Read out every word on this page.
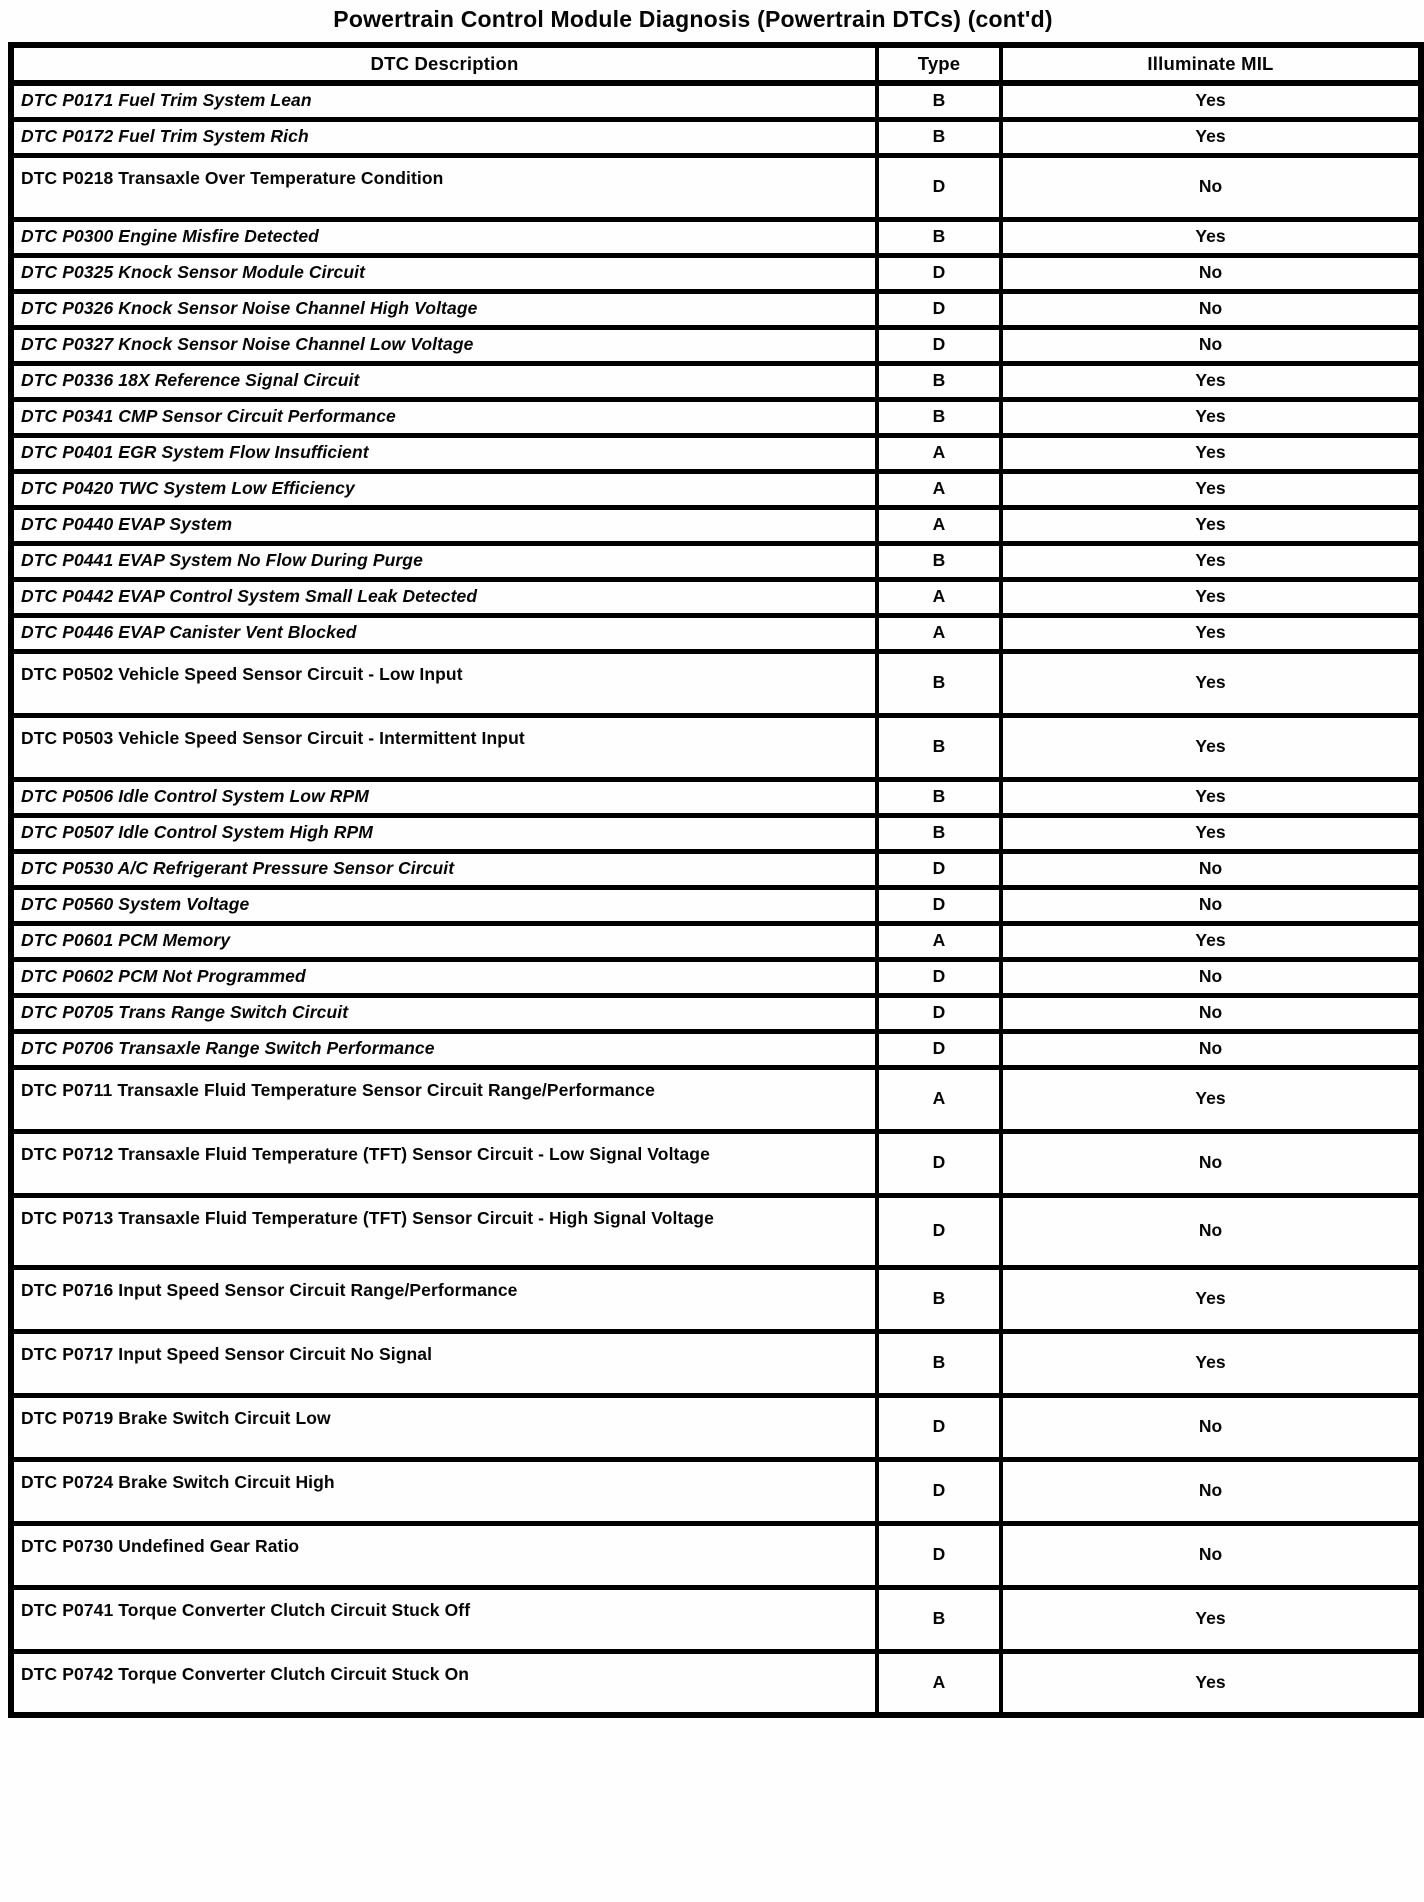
Powertrain Control Module Diagnosis (Powertrain DTCs) (cont'd)
DTC Description	Type	Illuminate MIL
DTC P0171 Fuel Trim System Lean	B	Yes
DTC P0172 Fuel Trim System Rich	B	Yes
DTC P0218 Transaxle Over Temperature Condition	D	No
DTC P0300 Engine Misfire Detected	B	Yes
DTC P0325 Knock Sensor Module Circuit	D	No
DTC P0326 Knock Sensor Noise Channel High Voltage	D	No
DTC P0327 Knock Sensor Noise Channel Low Voltage	D	No
DTC P0336 18X Reference Signal Circuit	B	Yes
DTC P0341 CMP Sensor Circuit Performance	B	Yes
DTC P0401 EGR System Flow Insufficient	A	Yes
DTC P0420 TWC System Low Efficiency	A	Yes
DTC P0440 EVAP System	A	Yes
DTC P0441 EVAP System No Flow During Purge	B	Yes
DTC P0442 EVAP Control System Small Leak Detected	A	Yes
DTC P0446 EVAP Canister Vent Blocked	A	Yes
DTC P0502 Vehicle Speed Sensor Circuit - Low Input	B	Yes
DTC P0503 Vehicle Speed Sensor Circuit - Intermittent Input	B	Yes
DTC P0506 Idle Control System Low RPM	B	Yes
DTC P0507 Idle Control System High RPM	B	Yes
DTC P0530 A/C Refrigerant Pressure Sensor Circuit	D	No
DTC P0560 System Voltage	D	No
DTC P0601 PCM Memory	A	Yes
DTC P0602 PCM Not Programmed	D	No
DTC P0705 Trans Range Switch Circuit	D	No
DTC P0706 Transaxle Range Switch Performance	D	No
DTC P0711 Transaxle Fluid Temperature Sensor Circuit Range/Performance	A	Yes
DTC P0712 Transaxle Fluid Temperature (TFT) Sensor Circuit - Low Signal Voltage	D	No
DTC P0713 Transaxle Fluid Temperature (TFT) Sensor Circuit - High Signal Voltage	D	No
DTC P0716 Input Speed Sensor Circuit Range/Performance	B	Yes
DTC P0717 Input Speed Sensor Circuit No Signal	B	Yes
DTC P0719 Brake Switch Circuit Low	D	No
DTC P0724 Brake Switch Circuit High	D	No
DTC P0730 Undefined Gear Ratio	D	No
DTC P0741 Torque Converter Clutch Circuit Stuck Off	B	Yes
DTC P0742 Torque Converter Clutch Circuit Stuck On	A	Yes
